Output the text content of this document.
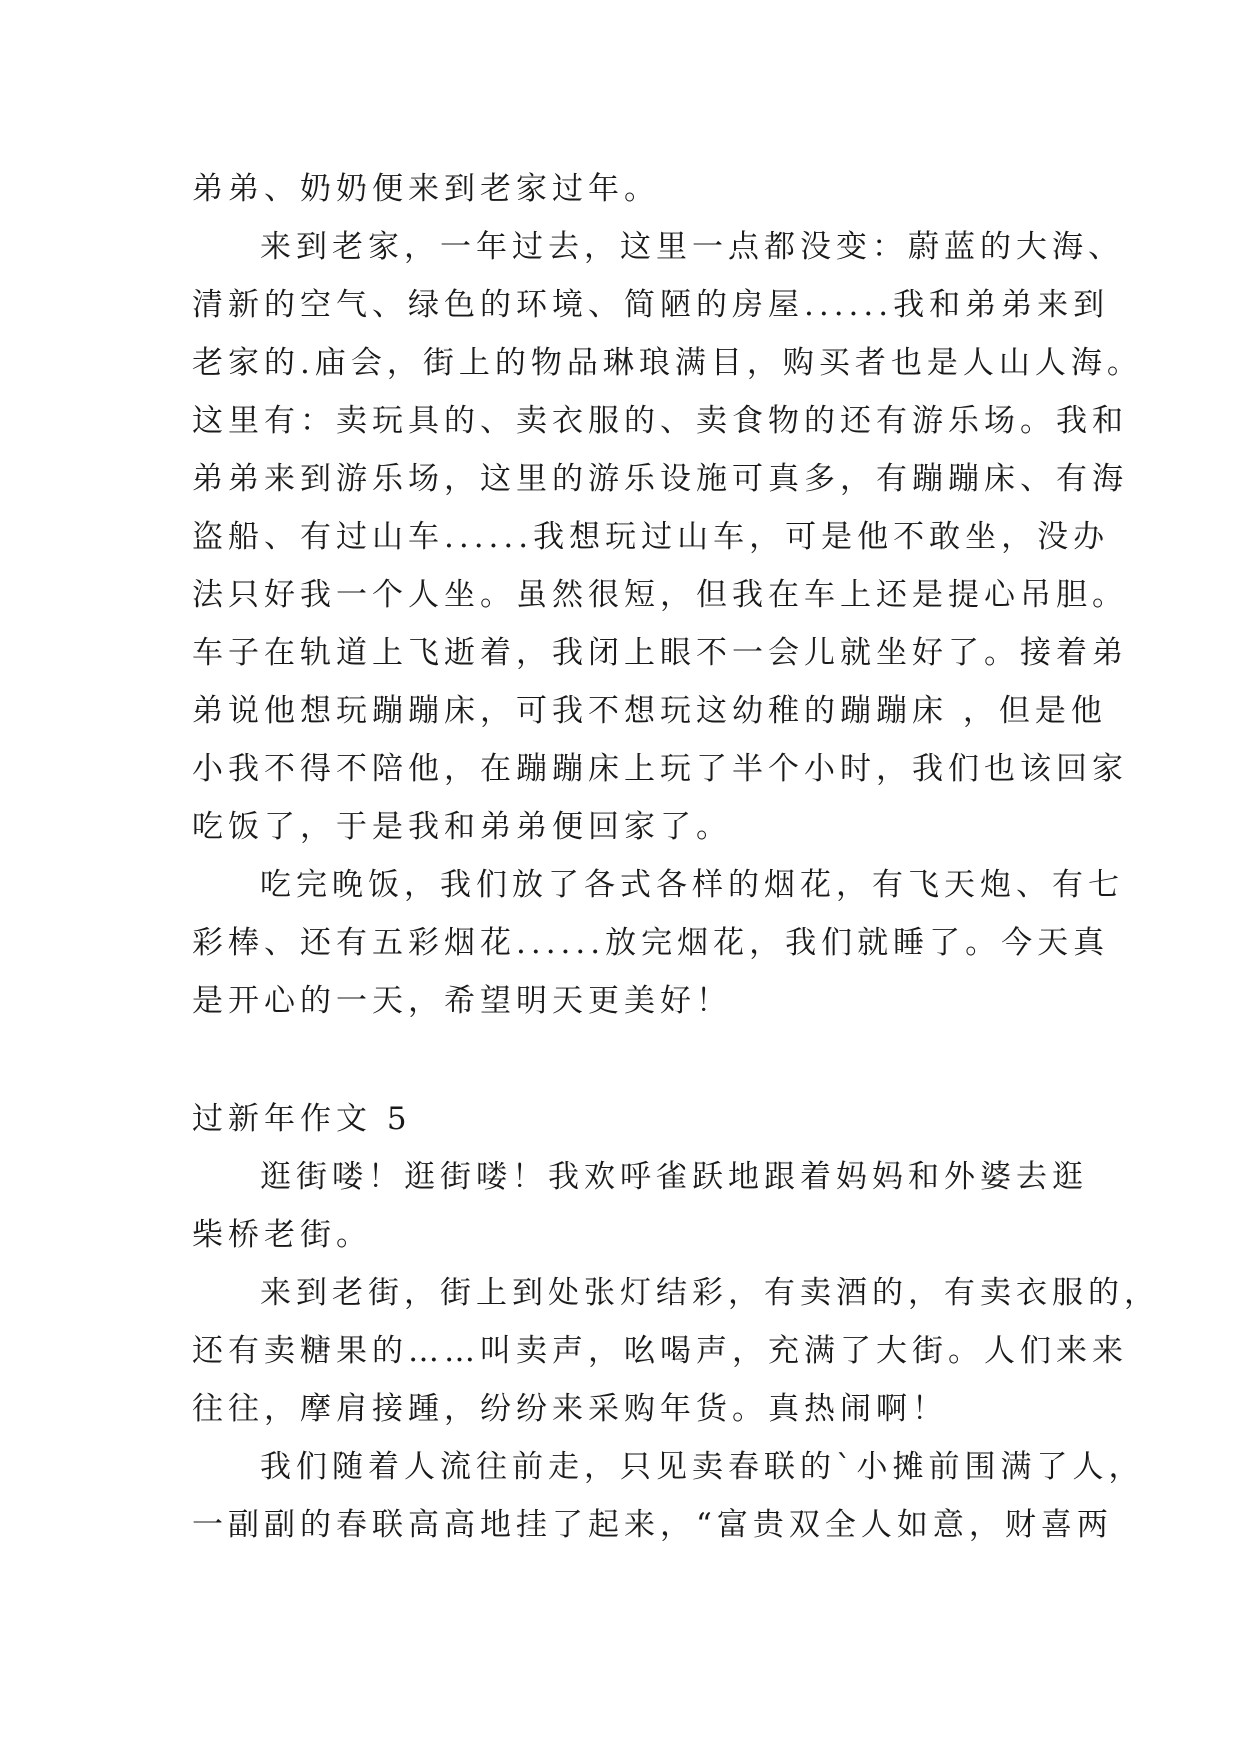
弟弟、奶奶便来到老家过年。
来到老家，一年过去，这里一点都没变：蔚蓝的大海、
清新的空气、绿色的环境、简陋的房屋......我和弟弟来到
老家的.庙会，街上的物品琳琅满目，购买者也是人山人海。
这里有：卖玩具的、卖衣服的、卖食物的还有游乐场。我和
弟弟来到游乐场，这里的游乐设施可真多，有蹦蹦床、有海
盗船、有过山车......我想玩过山车，可是他不敢坐，没办
法只好我一个人坐。虽然很短，但我在车上还是提心吊胆。
车子在轨道上飞逝着，我闭上眼不一会儿就坐好了。接着弟
弟说他想玩蹦蹦床，可我不想玩这幼稚的蹦蹦床 ，但是他
小我不得不陪他，在蹦蹦床上玩了半个小时，我们也该回家
吃饭了，于是我和弟弟便回家了。
吃完晚饭，我们放了各式各样的烟花，有飞天炮、有七
彩棒、还有五彩烟花......放完烟花，我们就睡了。今天真
是开心的一天，希望明天更美好！
过新年作文 5
逛街喽！逛街喽！我欢呼雀跃地跟着妈妈和外婆去逛
柴桥老街。
来到老街，街上到处张灯结彩，有卖酒的，有卖衣服的，
还有卖糖果的……叫卖声，吆喝声，充满了大街。人们来来
往往，摩肩接踵，纷纷来采购年货。真热闹啊！
我们随着人流往前走，只见卖春联的`小摊前围满了人，
一副副的春联高高地挂了起来，“富贵双全人如意，财喜两
